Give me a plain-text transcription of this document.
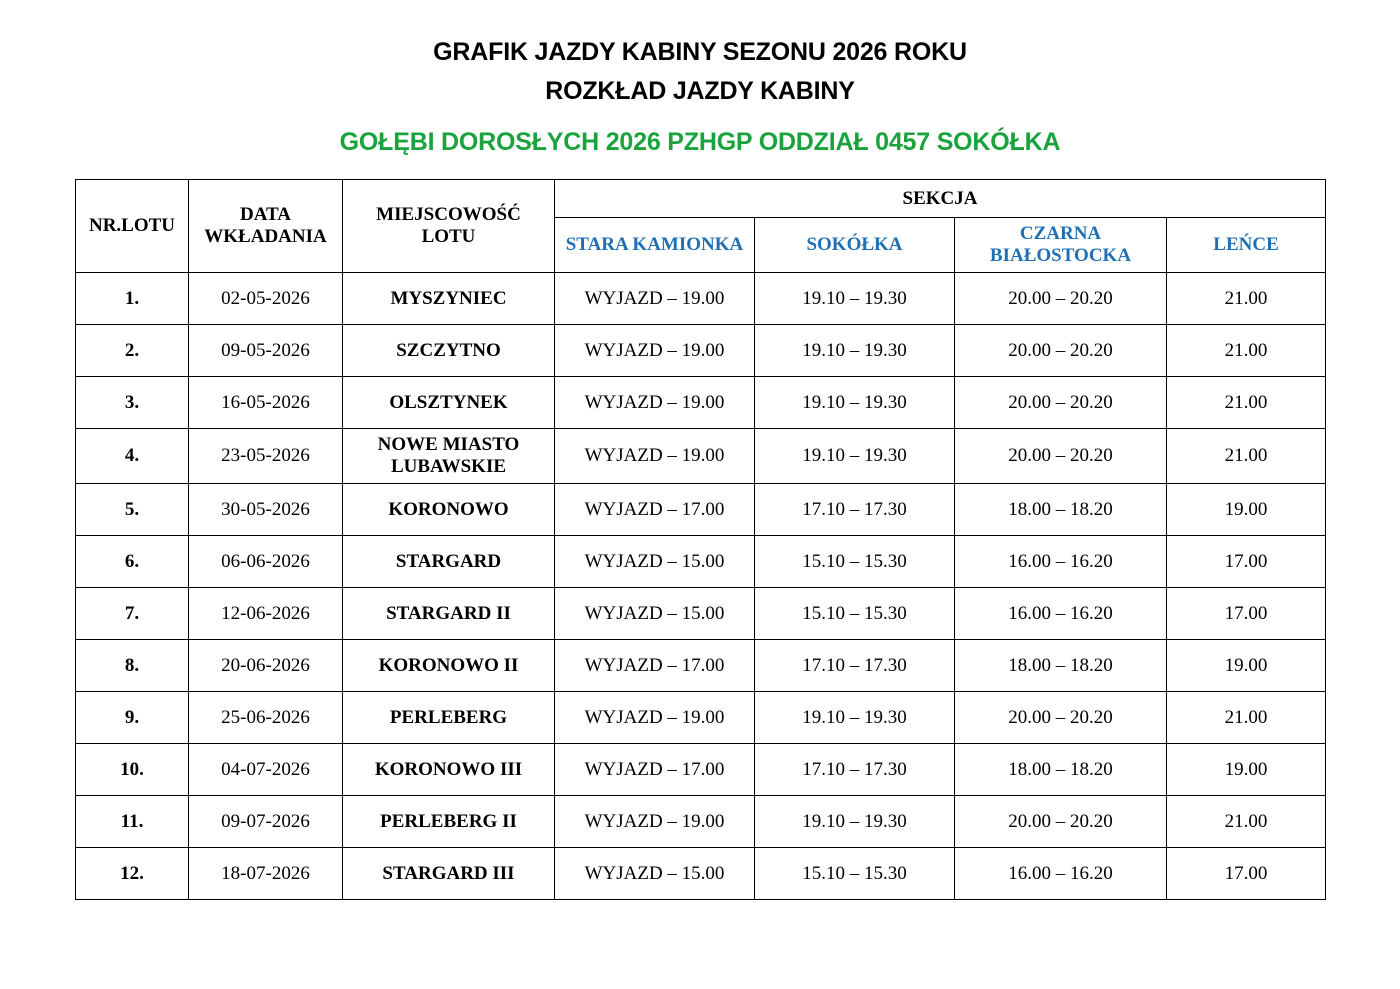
GRAFIK JAZDY KABINY SEZONU 2026 ROKU
ROZKŁAD JAZDY KABINY
GOŁĘBI DOROSŁYCH 2026 PZHGP ODDZIAŁ 0457 SOKÓŁKA
NR.LOTU	DATA WKŁADANIA	MIEJSCOWOŚĆ LOTU	SEKCJA			
			STARA KAMIONKA	SOKÓŁKA	CZARNA BIAŁOSTOCKA	LEŃCE
1.	02-05-2026	MYSZYNIEC	WYJAZD – 19.00	19.10 – 19.30	20.00 – 20.20	21.00
2.	09-05-2026	SZCZYTNO	WYJAZD – 19.00	19.10 – 19.30	20.00 – 20.20	21.00
3.	16-05-2026	OLSZTYNEK	WYJAZD – 19.00	19.10 – 19.30	20.00 – 20.20	21.00
4.	23-05-2026	NOWE MIASTO LUBAWSKIE	WYJAZD – 19.00	19.10 – 19.30	20.00 – 20.20	21.00
5.	30-05-2026	KORONOWO	WYJAZD – 17.00	17.10 – 17.30	18.00 – 18.20	19.00
6.	06-06-2026	STARGARD	WYJAZD – 15.00	15.10 – 15.30	16.00 – 16.20	17.00
7.	12-06-2026	STARGARD II	WYJAZD – 15.00	15.10 – 15.30	16.00 – 16.20	17.00
8.	20-06-2026	KORONOWO II	WYJAZD – 17.00	17.10 – 17.30	18.00 – 18.20	19.00
9.	25-06-2026	PERLEBERG	WYJAZD – 19.00	19.10 – 19.30	20.00 – 20.20	21.00
10.	04-07-2026	KORONOWO III	WYJAZD – 17.00	17.10 – 17.30	18.00 – 18.20	19.00
11.	09-07-2026	PERLEBERG II	WYJAZD – 19.00	19.10 – 19.30	20.00 – 20.20	21.00
12.	18-07-2026	STARGARD III	WYJAZD – 15.00	15.10 – 15.30	16.00 – 16.20	17.00
